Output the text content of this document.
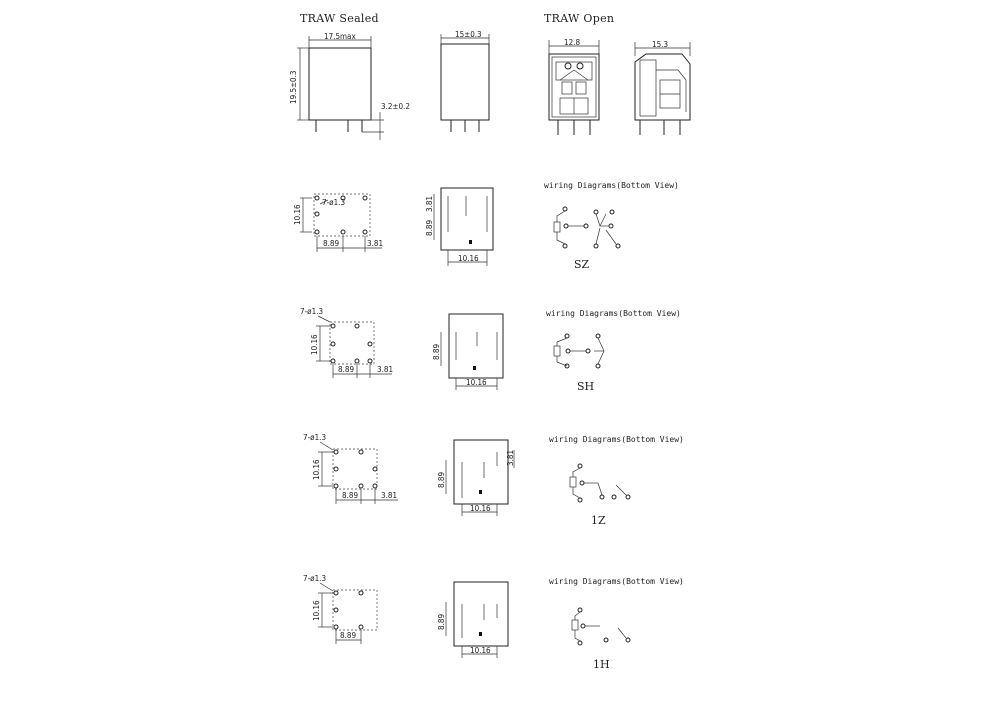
TRAW Sealed	TRAW Open
17.5max
19.5±0.3
3.2±0.2
15±0.3
12.8	15.3
7-ø1.3
10.16
8.89	3.81
8.89
3.81
10.16
wiring Diagrams(Bottom View)
SZ
7-ø1.3
10.16
8.89	3.81
8.89
10.16
wiring Diagrams(Bottom View)
SH
7-ø1.3
10.16
8.89	3.81
8.89
3.81
10.16
wiring Diagrams(Bottom View)
1Z
7-ø1.3
10.16
8.89
8.89
10.16
wiring Diagrams(Bottom View)
1H
